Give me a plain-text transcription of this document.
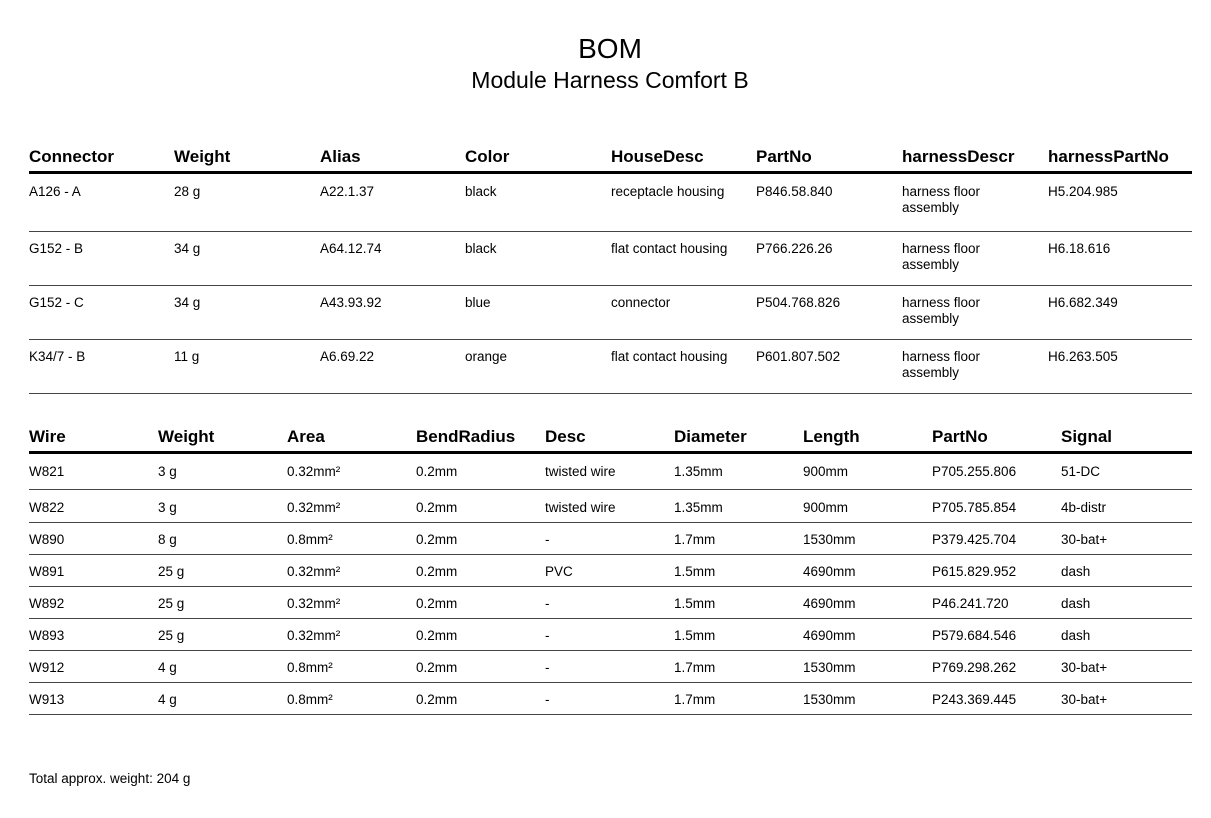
BOM
Module Harness Comfort B
Connector	Weight	Alias	Color	HouseDesc	PartNo	harnessDescr	harnessPartNo
A126 - A	28 g	A22.1.37	black	receptacle housing	P846.58.840	harness floor assembly	H5.204.985
G152 - B	34 g	A64.12.74	black	flat contact housing	P766.226.26	harness floor assembly	H6.18.616
G152 - C	34 g	A43.93.92	blue	connector	P504.768.826	harness floor assembly	H6.682.349
K34/7 - B	11 g	A6.69.22	orange	flat contact housing	P601.807.502	harness floor assembly	H6.263.505
Wire	Weight	Area	BendRadius	Desc	Diameter	Length	PartNo	Signal
W821	3 g	0.32mm²	0.2mm	twisted wire	1.35mm	900mm	P705.255.806	51-DC
W822	3 g	0.32mm²	0.2mm	twisted wire	1.35mm	900mm	P705.785.854	4b-distr
W890	8 g	0.8mm²	0.2mm	-	1.7mm	1530mm	P379.425.704	30-bat+
W891	25 g	0.32mm²	0.2mm	PVC	1.5mm	4690mm	P615.829.952	dash
W892	25 g	0.32mm²	0.2mm	-	1.5mm	4690mm	P46.241.720	dash
W893	25 g	0.32mm²	0.2mm	-	1.5mm	4690mm	P579.684.546	dash
W912	4 g	0.8mm²	0.2mm	-	1.7mm	1530mm	P769.298.262	30-bat+
W913	4 g	0.8mm²	0.2mm	-	1.7mm	1530mm	P243.369.445	30-bat+
Total approx. weight: 204 g
